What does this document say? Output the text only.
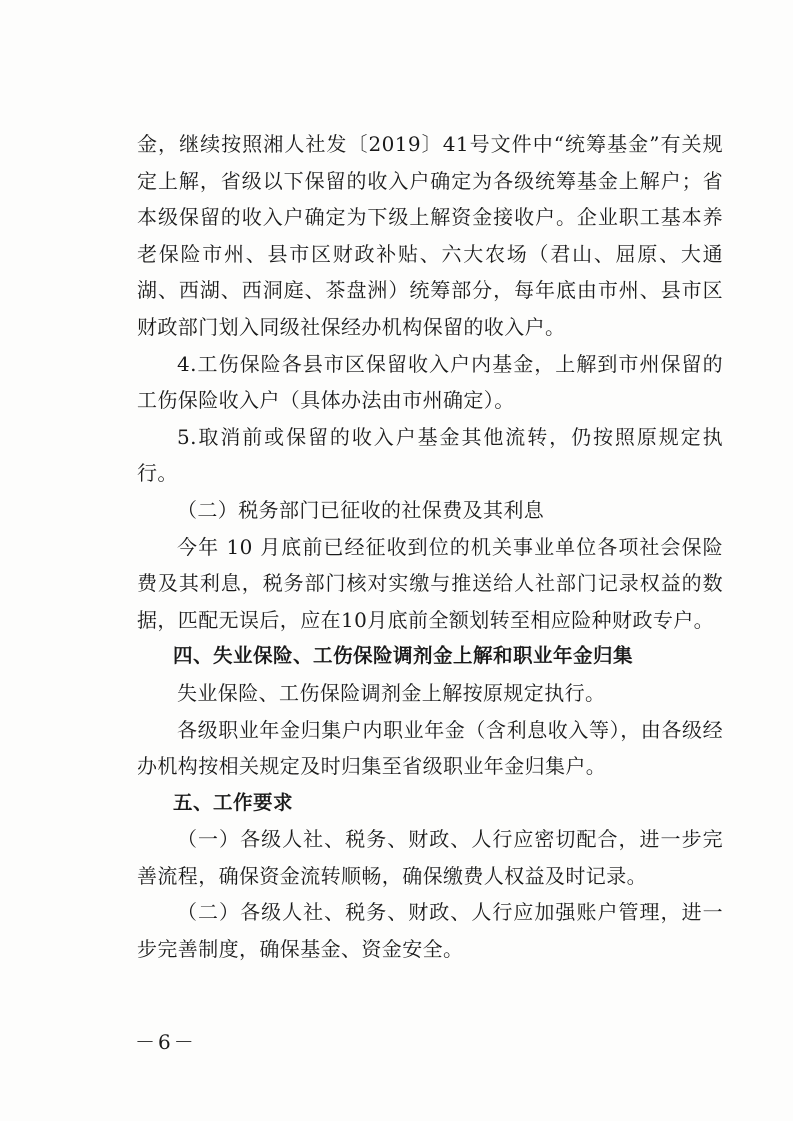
金，继续按照湘人社发〔2019〕41号文件中“统筹基金”有关规定上解，省级以下保留的收入户确定为各级统筹基金上解户；省本级保留的收入户确定为下级上解资金接收户。企业职工基本养老保险市州、县市区财政补贴、六大农场（君山、屈原、大通湖、西湖、西洞庭、茶盘洲）统筹部分，每年底由市州、县市区财政部门划入同级社保经办机构保留的收入户。

4.工伤保险各县市区保留收入户内基金，上解到市州保留的工伤保险收入户（具体办法由市州确定）。

5.取消前或保留的收入户基金其他流转，仍按照原规定执行。

（二）税务部门已征收的社保费及其利息

今年 10 月底前已经征收到位的机关事业单位各项社会保险费及其利息，税务部门核对实缴与推送给人社部门记录权益的数据，匹配无误后，应在10月底前全额划转至相应险种财政专户。

四、失业保险、工伤保险调剂金上解和职业年金归集

失业保险、工伤保险调剂金上解按原规定执行。

各级职业年金归集户内职业年金（含利息收入等），由各级经办机构按相关规定及时归集至省级职业年金归集户。

五、工作要求

（一）各级人社、税务、财政、人行应密切配合，进一步完善流程，确保资金流转顺畅，确保缴费人权益及时记录。

（二）各级人社、税务、财政、人行应加强账户管理，进一步完善制度，确保基金、资金安全。

－6－
